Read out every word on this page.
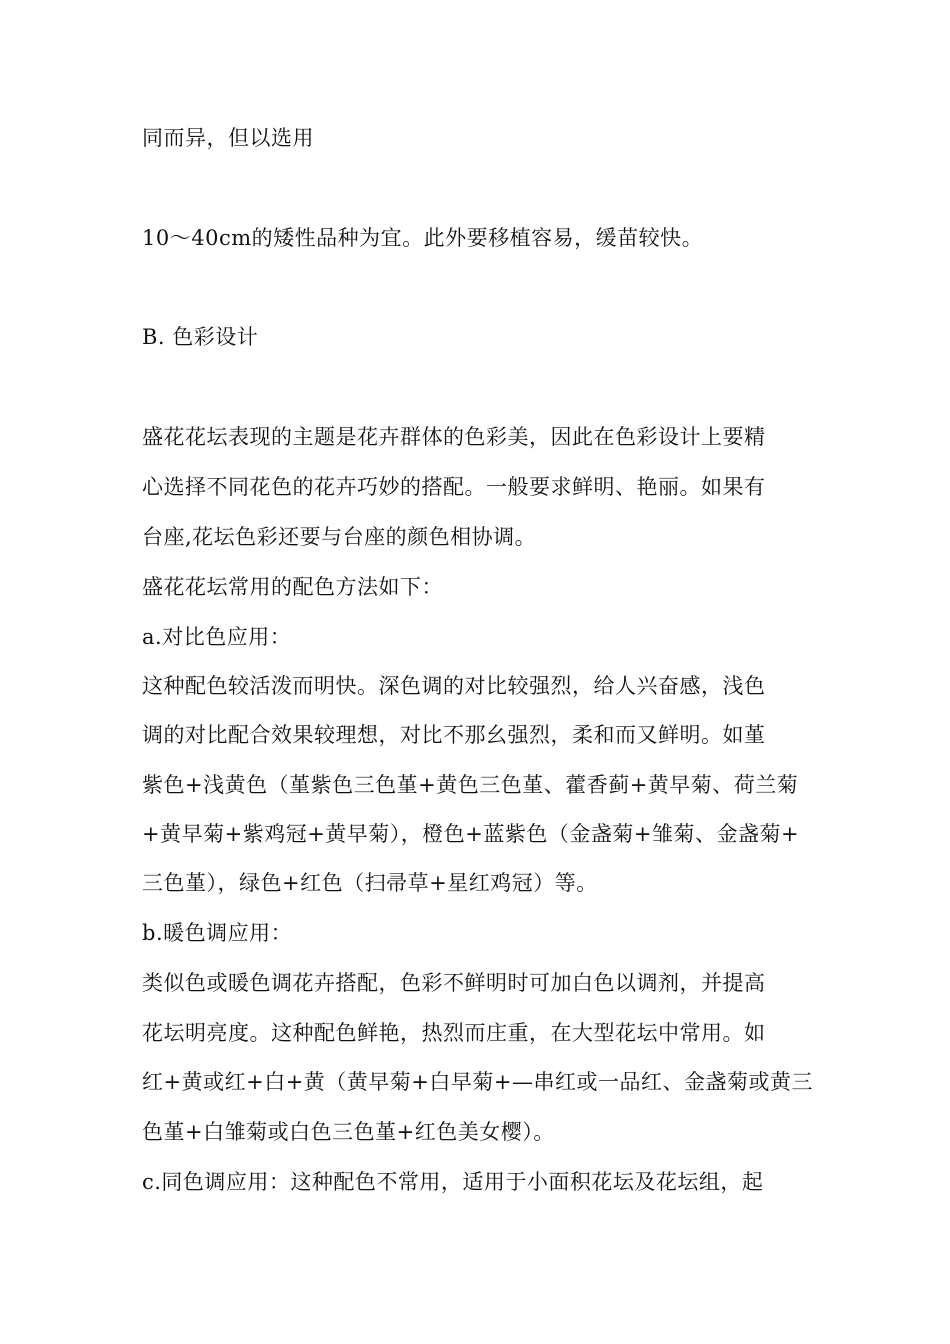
同而异，但以选用
10〜40cm的矮性品种为宜。此外要移植容易，缓苗较快。
B. 色彩设计
盛花花坛表现的主题是花卉群体的色彩美，因此在色彩设计上要精
心选择不同花色的花卉巧妙的搭配。一般要求鲜明、艳丽。如果有
台座,花坛色彩还要与台座的颜色相协调。
盛花花坛常用的配色方法如下：
a.对比色应用：
这种配色较活泼而明快。深色调的对比较强烈，给人兴奋感，浅色
调的对比配合效果较理想，对比不那幺强烈，柔和而又鲜明。如堇
紫色+浅黄色（堇紫色三色堇+黄色三色堇、藿香蓟+黄早菊、荷兰菊
+黄早菊+紫鸡冠+黄早菊），橙色+蓝紫色（金盏菊+雏菊、金盏菊+
三色堇），绿色+红色（扫帚草+星红鸡冠）等。
b.暖色调应用：
类似色或暖色调花卉搭配，色彩不鲜明时可加白色以调剂，并提高
花坛明亮度。这种配色鲜艳，热烈而庄重，在大型花坛中常用。如
红+黄或红+白+黄（黄早菊+白早菊+—串红或一品红、金盏菊或黄三
色堇+白雏菊或白色三色堇+红色美女樱）。
c.同色调应用：这种配色不常用，适用于小面积花坛及花坛组，起
